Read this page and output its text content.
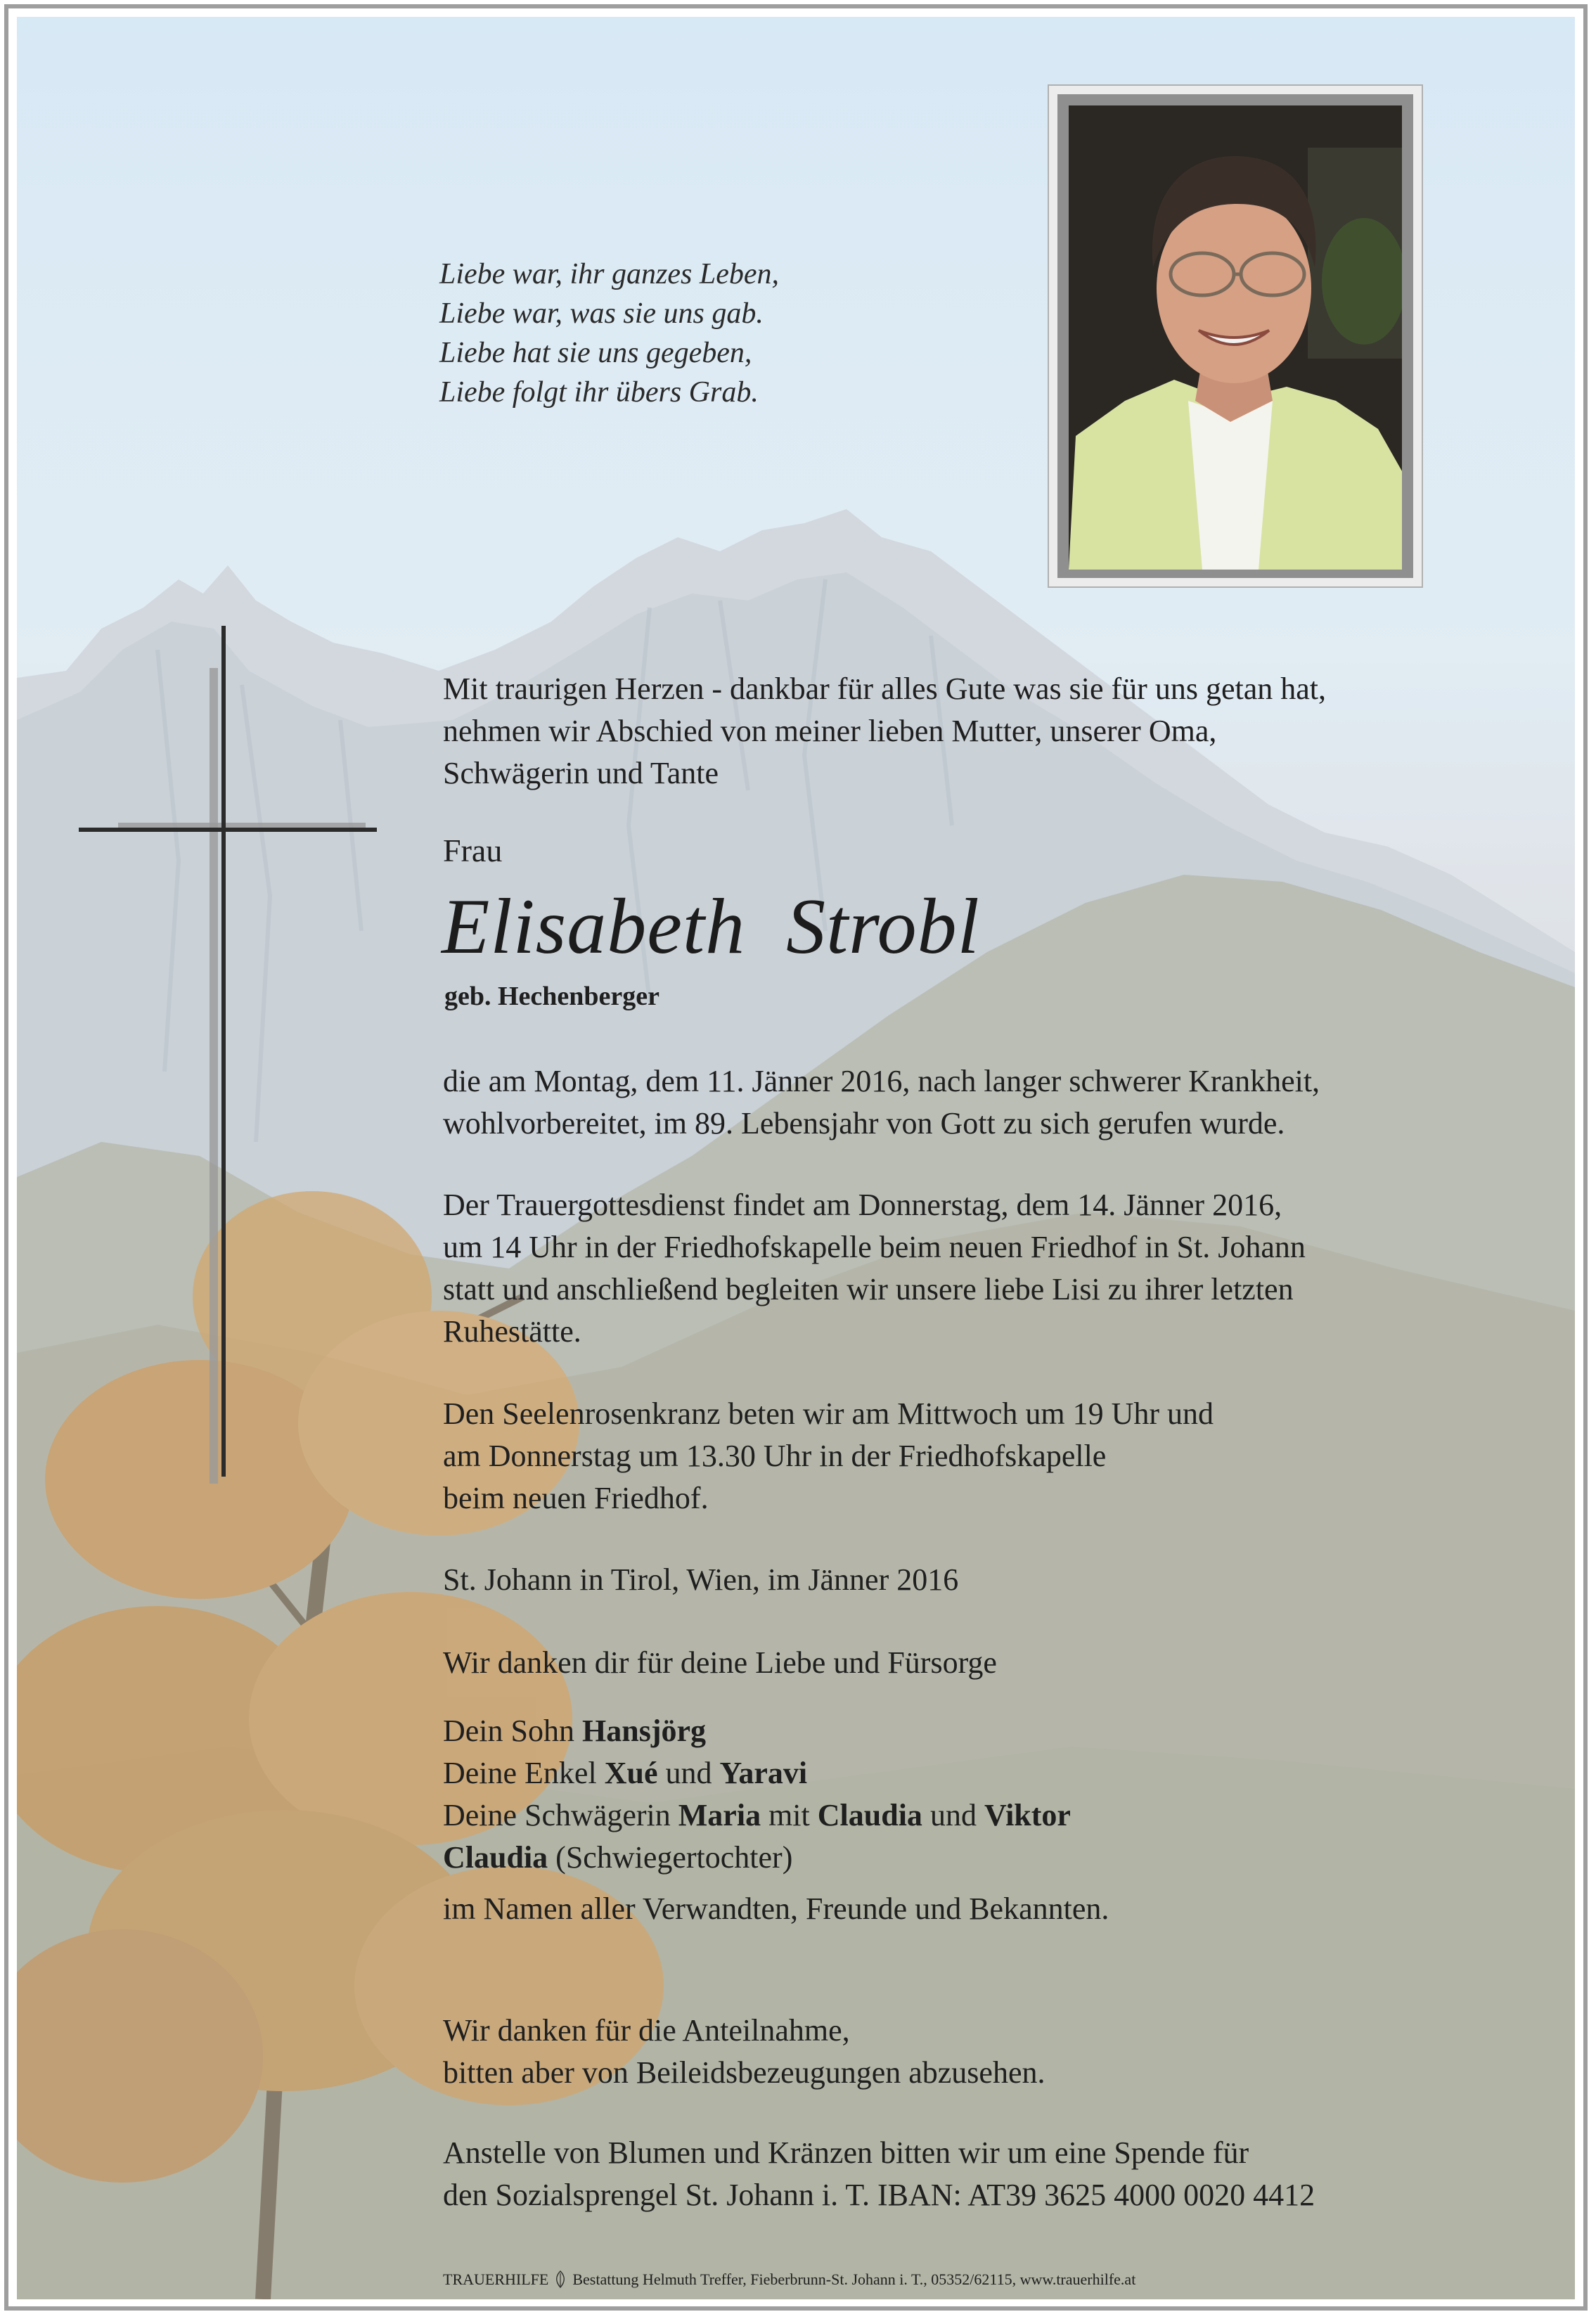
Liebe war, ihr ganzes Leben,
Liebe war, was sie uns gab.
Liebe hat sie uns gegeben,
Liebe folgt ihr übers Grab.
Mit traurigen Herzen - dankbar für alles Gute was sie für uns getan hat,
nehmen wir Abschied von meiner lieben Mutter, unserer Oma,
Schwägerin und Tante
Frau
Elisabeth  Strobl
geb. Hechenberger
die am Montag, dem 11. Jänner 2016, nach langer schwerer Krankheit,
wohlvorbereitet, im 89. Lebensjahr von Gott zu sich gerufen wurde.
Der Trauergottesdienst findet am Donnerstag, dem 14. Jänner 2016,
um 14 Uhr in der Friedhofskapelle beim neuen Friedhof in St. Johann
statt und anschließend begleiten wir unsere liebe Lisi zu ihrer letzten
Ruhestätte.
Den Seelenrosenkranz beten wir am Mittwoch um 19 Uhr und
am Donnerstag um 13.30 Uhr in der Friedhofskapelle
beim neuen Friedhof.
St. Johann in Tirol, Wien, im Jänner 2016
Wir danken dir für deine Liebe und Fürsorge
Dein Sohn Hansjörg
Deine Enkel Xué und Yaravi
Deine Schwägerin Maria mit Claudia und Viktor
Claudia (Schwiegertochter)
im Namen aller Verwandten, Freunde und Bekannten.
Wir danken für die Anteilnahme,
bitten aber von Beileidsbezeugungen abzusehen.
Anstelle von Blumen und Kränzen bitten wir um eine Spende für
den Sozialsprengel St. Johann i. T. IBAN: AT39 3625 4000 0020 4412
TRAUERHILFE Bestattung Helmuth Treffer, Fieberbrunn-St. Johann i. T., 05352/62115, www.trauerhilfe.at
